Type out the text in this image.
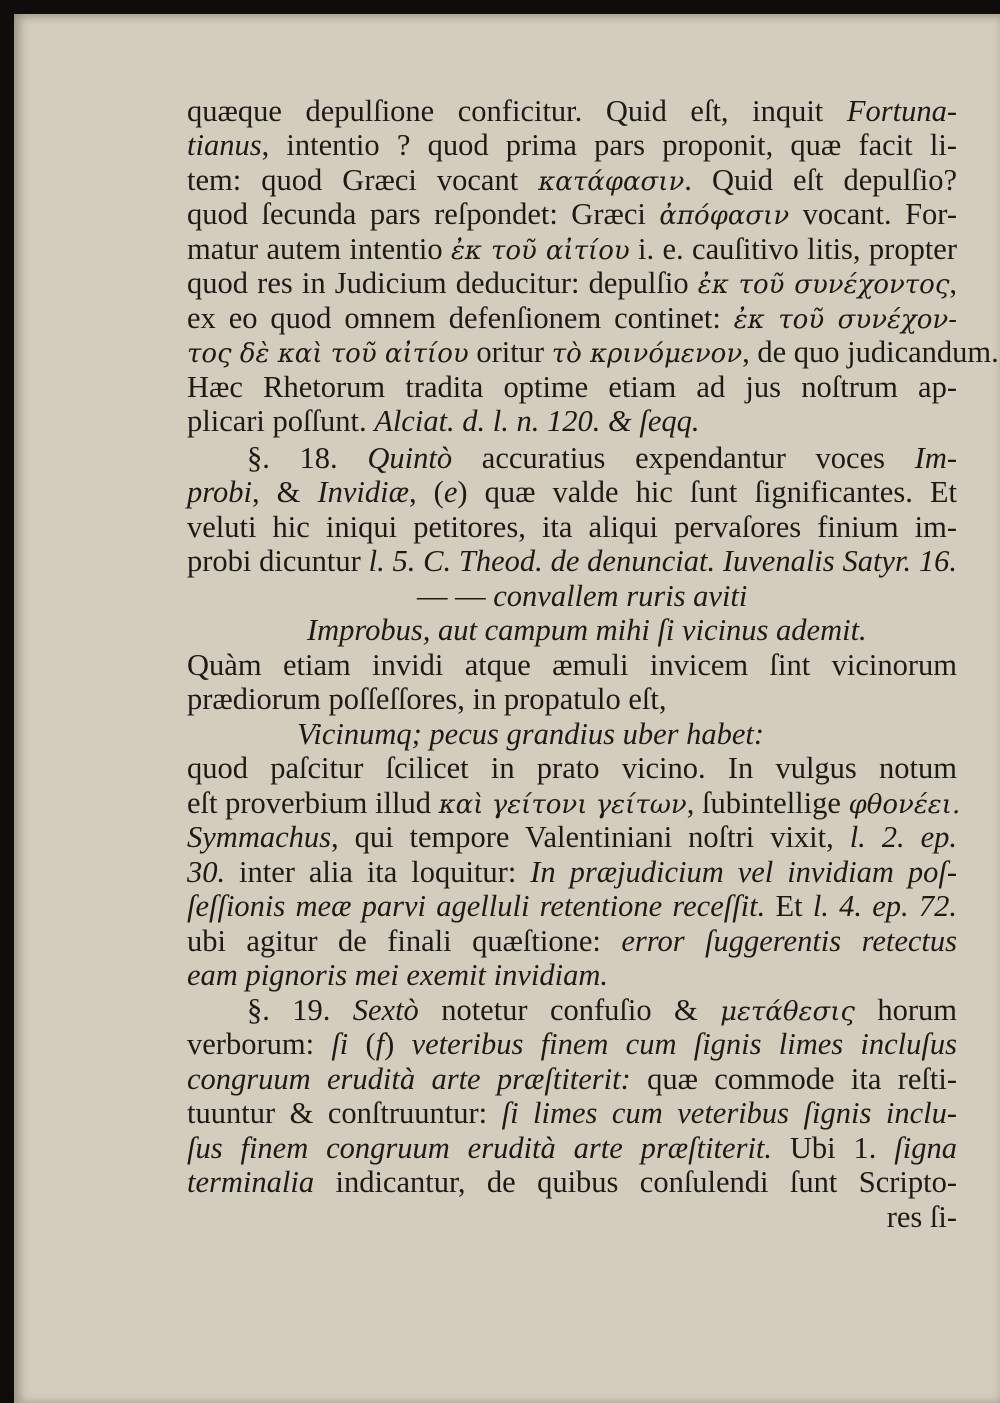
quæque depulſione conficitur. Quid eſt, inquit Fortuna-
tianus, intentio ? quod prima pars proponit, quæ facit li-
tem: quod Græci vocant κατάφασιν. Quid eſt depulſio?
quod ſecunda pars reſpondet: Græci ἀπόφασιν vocant. For-
matur autem intentio ἐκ τοῦ αἰτίου i. e. cauſitivo litis, propter
quod res in Judicium deducitur: depulſio ἐκ τοῦ συνέχοντος,
ex eo quod omnem defenſionem continet: ἐκ τοῦ συνέχον-
τος δὲ καὶ τοῦ αἰτίου oritur τὸ κρινόμενον, de quo judicandum.
Hæc Rhetorum tradita optime etiam ad jus noſtrum ap-
plicari poſſunt. Alciat. d. l. n. 120. & ſeqq.
§. 18. Quintò accuratius expendantur voces Im-
probi, & Invidiæ, (e) quæ valde hic ſunt ſignificantes. Et
veluti hic iniqui petitores, ita aliqui pervaſores finium im-
probi dicuntur l. 5. C. Theod. de denunciat. Iuvenalis Satyr. 16.
— — convallem ruris aviti
Improbus, aut campum mihi ſi vicinus ademit.
Quàm etiam invidi atque æmuli invicem ſint vicinorum
prædiorum poſſeſſores, in propatulo eſt,
Vicinumq; pecus grandius uber habet:
quod paſcitur ſcilicet in prato vicino. In vulgus notum
eſt proverbium illud καὶ γείτονι γείτων, ſubintellige φθονέει.
Symmachus, qui tempore Valentiniani noſtri vixit, l. 2. ep.
30. inter alia ita loquitur: In præjudicium vel invidiam poſ-
ſeſſionis meæ parvi agelluli retentione receſſit. Et l. 4. ep. 72.
ubi agitur de finali quæſtione: error ſuggerentis retectus
eam pignoris mei exemit invidiam.
§. 19. Sextò notetur confuſio & μετάθεσις horum
verborum: ſi (f) veteribus finem cum ſignis limes incluſus
congruum erudità arte præſtiterit: quæ commode ita reſti-
tuuntur & conſtruuntur: ſi limes cum veteribus ſignis inclu-
ſus finem congruum erudità arte præſtiterit. Ubi 1. ſigna
terminalia indicantur, de quibus conſulendi ſunt Scripto-
res ſi-
